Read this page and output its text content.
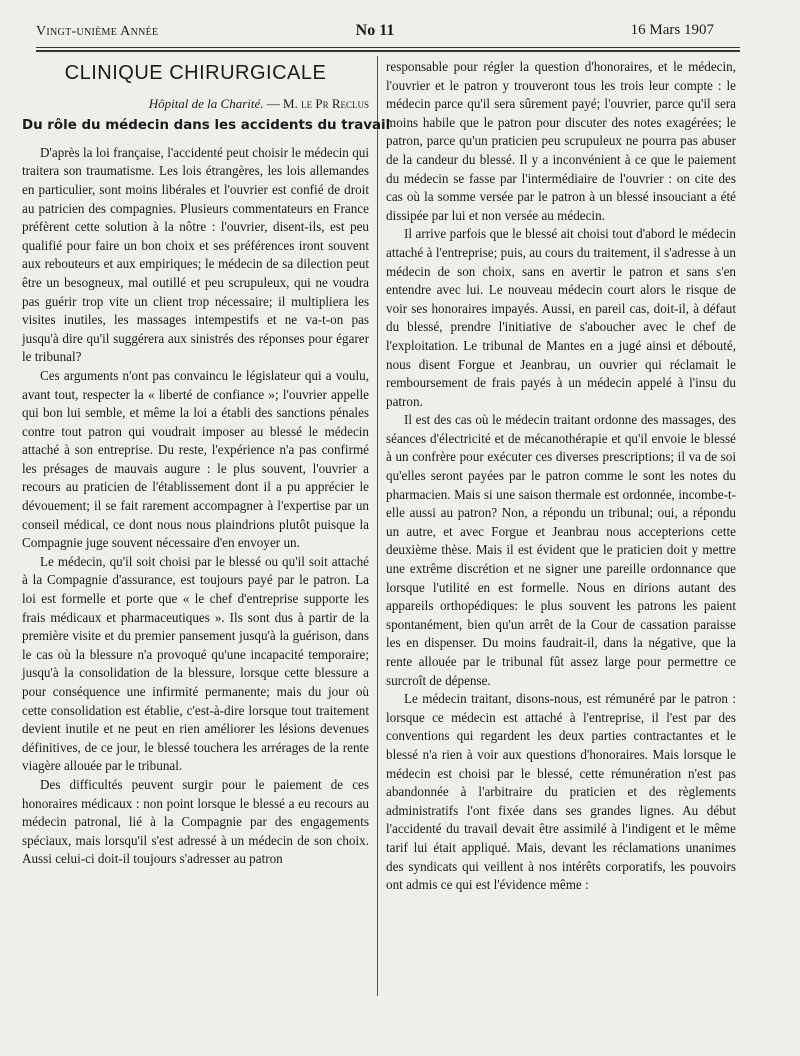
Vingt-unième Année	No 11	16 Mars 1907
CLINIQUE CHIRURGICALE
Hôpital de la Charité. — M. le Pr Reclus
Du rôle du médecin dans les accidents du travail

D'après la loi française, l'accidenté peut choisir le médecin qui traitera son traumatisme. Les lois étrangères, les lois allemandes en particulier, sont moins libérales et l'ouvrier est confié de droit au patricien des compagnies. Plusieurs commentateurs en France préfèrent cette solution à la nôtre : l'ouvrier, disent-ils, est peu qualifié pour faire un bon choix et ses préférences iront souvent aux rebouteurs et aux empiriques; le médecin de sa dilection peut être un besogneux, mal outillé et peu scrupuleux, qui ne voudra pas guérir trop vite un client trop nécessaire; il multipliera les visites inutiles, les massages intempestifs et ne va-t-on pas jusqu'à dire qu'il suggérera aux sinistrés des réponses pour égarer le tribunal?

Ces arguments n'ont pas convaincu le législateur qui a voulu, avant tout, respecter la « liberté de confiance »; l'ouvrier appelle qui bon lui semble, et même la loi a établi des sanctions pénales contre tout patron qui voudrait imposer au blessé le médecin attaché à son entreprise. Du reste, l'expérience n'a pas confirmé les présages de mauvais augure : le plus souvent, l'ouvrier a recours au praticien de l'établissement dont il a pu apprécier le dévouement; il se fait rarement accompagner à l'expertise par un conseil médical, ce dont nous nous plaindrions plutôt puisque la Compagnie juge souvent nécessaire d'en envoyer un.

Le médecin, qu'il soit choisi par le blessé ou qu'il soit attaché à la Compagnie d'assurance, est toujours payé par le patron. La loi est formelle et porte que « le chef d'entreprise supporte les frais médicaux et pharmaceutiques ». Ils sont dus à partir de la première visite et du premier pansement jusqu'à la guérison, dans le cas où la blessure n'a provoqué qu'une incapacité temporaire; jusqu'à la consolidation de la blessure, lorsque cette blessure a pour conséquence une infirmité permanente; mais du jour où cette consolidation est établie, c'est-à-dire lorsque tout traitement devient inutile et ne peut en rien améliorer les lésions devenues définitives, de ce jour, le blessé touchera les arrérages de la rente viagère allouée par le tribunal.

Des difficultés peuvent surgir pour le paiement de ces honoraires médicaux : non point lorsque le blessé a eu recours au médecin patronal, lié à la Compagnie par des engagements spéciaux, mais lorsqu'il s'est adressé à un médecin de son choix. Aussi celui-ci doit-il toujours s'adresser au patron

responsable pour régler la question d'honoraires, et le médecin, l'ouvrier et le patron y trouveront tous les trois leur compte : le médecin parce qu'il sera sûrement payé; l'ouvrier, parce qu'il sera moins habile que le patron pour discuter des notes exagérées; le patron, parce qu'un praticien peu scrupuleux ne pourra pas abuser de la candeur du blessé. Il y a inconvénient à ce que le paiement du médecin se fasse par l'intermédiaire de l'ouvrier : on cite des cas où la somme versée par le patron à un blessé insouciant a été dissipée par lui et non versée au médecin.

Il arrive parfois que le blessé ait choisi tout d'abord le médecin attaché à l'entreprise; puis, au cours du traitement, il s'adresse à un médecin de son choix, sans en avertir le patron et sans s'en entendre avec lui. Le nouveau médecin court alors le risque de voir ses honoraires impayés. Aussi, en pareil cas, doit-il, à défaut du blessé, prendre l'initiative de s'aboucher avec le chef de l'exploitation. Le tribunal de Mantes en a jugé ainsi et débouté, nous disent Forgue et Jeanbrau, un ouvrier qui réclamait le remboursement de frais payés à un médecin appelé à l'insu du patron.

Il est des cas où le médecin traitant ordonne des massages, des séances d'électricité et de mécanothérapie et qu'il envoie le blessé à un confrère pour exécuter ces diverses prescriptions; il va de soi qu'elles seront payées par le patron comme le sont les notes du pharmacien. Mais si une saison thermale est ordonnée, incombe-t-elle aussi au patron? Non, a répondu un tribunal; oui, a répondu un autre, et avec Forgue et Jeanbrau nous accepterions cette deuxième thèse. Mais il est évident que le praticien doit y mettre une extrême discrétion et ne signer une pareille ordonnance que lorsque l'utilité en est formelle. Nous en dirions autant des appareils orthopédiques: le plus souvent les patrons les paient spontanément, bien qu'un arrêt de la Cour de cassation paraisse les en dispenser. Du moins faudrait-il, dans la négative, que la rente allouée par le tribunal fût assez large pour permettre ce surcroît de dépense.

Le médecin traitant, disons-nous, est rémunéré par le patron : lorsque ce médecin est attaché à l'entreprise, il l'est par des conventions qui regardent les deux parties contractantes et le blessé n'a rien à voir aux questions d'honoraires. Mais lorsque le médecin est choisi par le blessé, cette rémunération n'est pas abandonnée à l'arbitraire du praticien et des règlements administratifs l'ont fixée dans ses grandes lignes. Au début l'accidenté du travail devait être assimilé à l'indigent et le même tarif lui était appliqué. Mais, devant les réclamations unanimes des syndicats qui veillent à nos intérêts corporatifs, les pouvoirs ont admis ce qui est l'évidence même :
